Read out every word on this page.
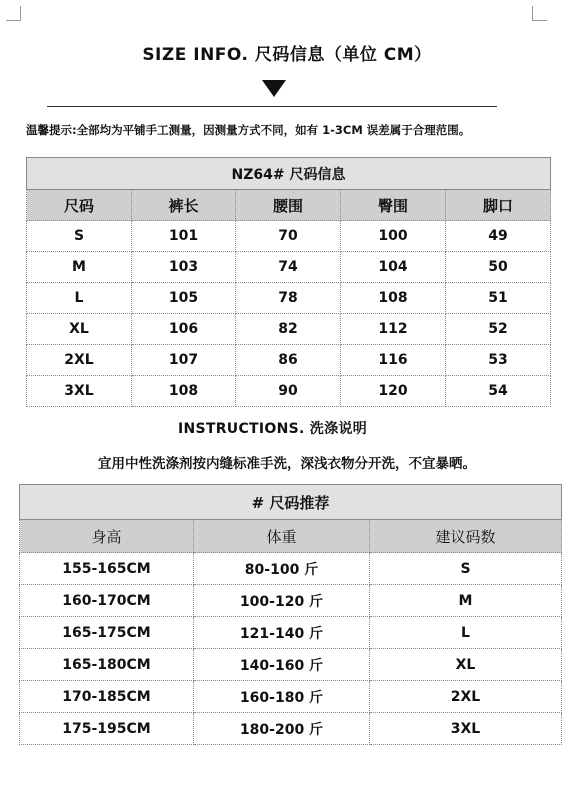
SIZE INFO. 尺码信息（单位 CM）
温馨提示:全部均为平铺手工测量，因测量方式不同，如有 1-3CM 误差属于合理范围。
NZ64# 尺码信息				
尺码	裤长	腰围	臀围	脚口
S	101	70	100	49
M	103	74	104	50
L	105	78	108	51
XL	106	82	112	52
2XL	107	86	116	53
3XL	108	90	120	54
INSTRUCTIONS. 洗涤说明
宜用中性洗涤剂按内缝标准手洗，深浅衣物分开洗，不宜暴晒。
# 尺码推荐		
身高	体重	建议码数
155-165CM	80-100 斤	S
160-170CM	100-120 斤	M
165-175CM	121-140 斤	L
165-180CM	140-160 斤	XL
170-185CM	160-180 斤	2XL
175-195CM	180-200 斤	3XL
